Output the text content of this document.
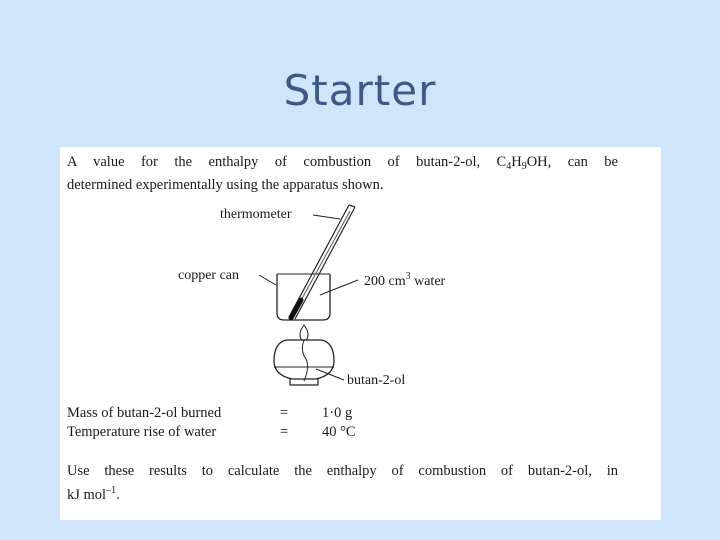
Starter

A value for the enthalpy of combustion of butan-2-ol, $C_4H_9OH$, can be
determined experimentally using the apparatus shown.

thermometer
copper can	200 $cm^3$ water
butan-2-ol
Mass of butan-2-ol burned	= 1·0 g
Temperature rise of water	= 40 °C

Use these results to calculate the enthalpy of combustion of butan-2-ol, in
kJ mol$^{-1}$.
